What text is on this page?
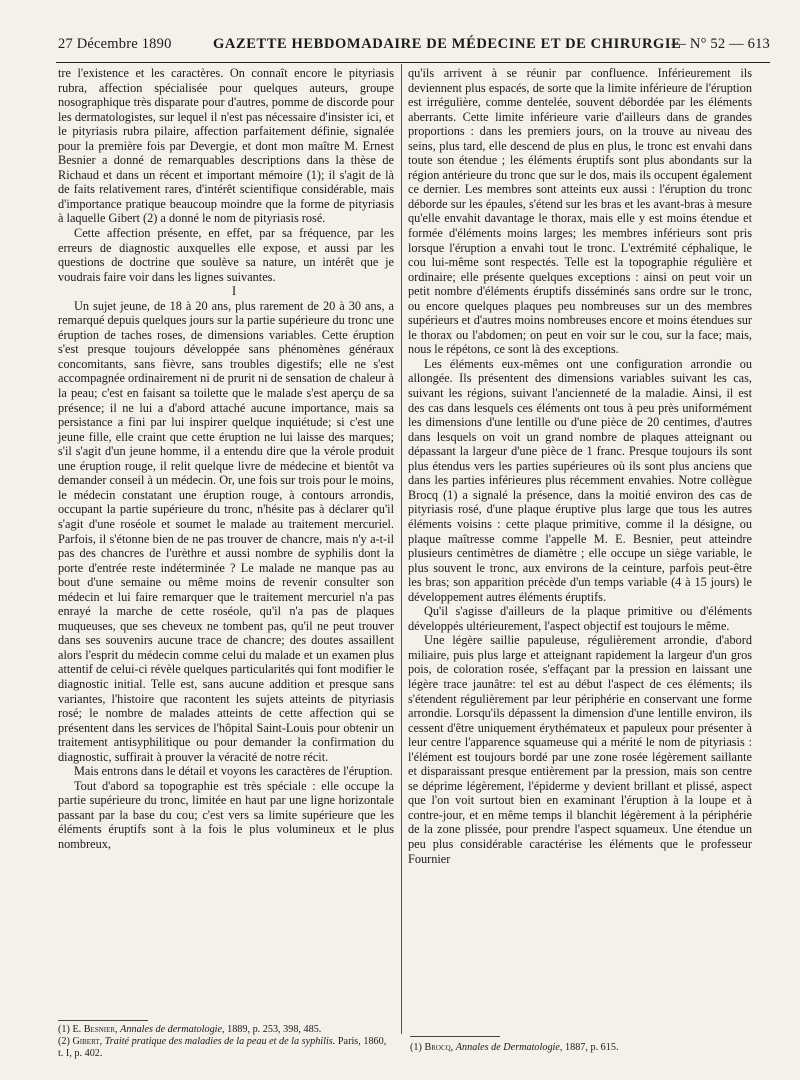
27 Décembre 1890	GAZETTE HEBDOMADAIRE DE MÉDECINE ET DE CHIRURGIE
— N° 52 — 613

tre l'existence et les caractères. On connaît encore le pityriasis rubra, affection spécialisée pour quelques auteurs, groupe nosographique très disparate pour d'autres, pomme de discorde pour les dermatologistes, sur lequel il n'est pas nécessaire d'insister ici, et le pityriasis rubra pilaire, affection parfaitement définie, signalée pour la première fois par Devergie, et dont mon maître M. Ernest Besnier a donné de remarquables descriptions dans la thèse de Richaud et dans un récent et important mémoire (1); il s'agit de là de faits relativement rares, d'intérêt scientifique considérable, mais d'importance pratique beaucoup moindre que la forme de pityriasis à laquelle Gibert (2) a donné le nom de pityriasis rosé.

Cette affection présente, en effet, par sa fréquence, par les erreurs de diagnostic auxquelles elle expose, et aussi par les questions de doctrine que soulève sa nature, un intérêt que je voudrais faire voir dans les lignes suivantes.

I

Un sujet jeune, de 18 à 20 ans, plus rarement de 20 à 30 ans, a remarqué depuis quelques jours sur la partie supérieure du tronc une éruption de taches roses, de dimensions variables. Cette éruption s'est presque toujours développée sans phénomènes généraux concomitants, sans fièvre, sans troubles digestifs; elle ne s'est accompagnée ordinairement ni de prurit ni de sensation de chaleur à la peau; c'est en faisant sa toilette que le malade s'est aperçu de sa présence; il ne lui a d'abord attaché aucune importance, mais sa persistance a fini par lui inspirer quelque inquiétude; si c'est une jeune fille, elle craint que cette éruption ne lui laisse des marques; s'il s'agit d'un jeune homme, il a entendu dire que la vérole produit une éruption rouge, il relit quelque livre de médecine et bientôt va demander conseil à un médecin. Or, une fois sur trois pour le moins, le médecin constatant une éruption rouge, à contours arrondis, occupant la partie supérieure du tronc, n'hésite pas à déclarer qu'il s'agit d'une roséole et soumet le malade au traitement mercuriel. Parfois, il s'étonne bien de ne pas trouver de chancre, mais n'y a-t-il pas des chancres de l'urèthre et aussi nombre de syphilis dont la porte d'entrée reste indéterminée ? Le malade ne manque pas au bout d'une semaine ou même moins de revenir consulter son médecin et lui faire remarquer que le traitement mercuriel n'a pas enrayé la marche de cette roséole, qu'il n'a pas de plaques muqueuses, que ses cheveux ne tombent pas, qu'il ne peut trouver dans ses souvenirs aucune trace de chancre; des doutes assaillent alors l'esprit du médecin comme celui du malade et un examen plus attentif de celui-ci révèle quelques particularités qui font modifier le diagnostic initial. Telle est, sans aucune addition et presque sans variantes, l'histoire que racontent les sujets atteints de pityriasis rosé; le nombre de malades atteints de cette affection qui se présentent dans les services de l'hôpital Saint-Louis pour obtenir un traitement antisyphilitique ou pour demander la confirmation du diagnostic, suffirait à prouver la véracité de notre récit.

Mais entrons dans le détail et voyons les caractères de l'éruption.

Tout d'abord sa topographie est très spéciale : elle occupe la partie supérieure du tronc, limitée en haut par une ligne horizontale passant par la base du cou; c'est vers sa limite supérieure que les éléments éruptifs sont à la fois le plus volumineux et le plus nombreux,

(1) E. Besnier, Annales de dermatologie, 1889, p. 253, 398, 485.

(2) Gibert, Traité pratique des maladies de la peau et de la syphilis. Paris, 1860, t. I, p. 402.

qu'ils arrivent à se réunir par confluence. Inférieurement ils deviennent plus espacés, de sorte que la limite inférieure de l'éruption est irrégulière, comme dentelée, souvent débordée par les éléments aberrants. Cette limite inférieure varie d'ailleurs dans de grandes proportions : dans les premiers jours, on la trouve au niveau des seins, plus tard, elle descend de plus en plus, le tronc est envahi dans toute son étendue ; les éléments éruptifs sont plus abondants sur la région antérieure du tronc que sur le dos, mais ils occupent également ce dernier. Les membres sont atteints eux aussi : l'éruption du tronc déborde sur les épaules, s'étend sur les bras et les avant-bras à mesure qu'elle envahit davantage le thorax, mais elle y est moins étendue et formée d'éléments moins larges; les membres inférieurs sont pris lorsque l'éruption a envahi tout le tronc. L'extrémité céphalique, le cou lui-même sont respectés. Telle est la topographie régulière et ordinaire; elle présente quelques exceptions : ainsi on peut voir un petit nombre d'éléments éruptifs disséminés sans ordre sur le tronc, ou encore quelques plaques peu nombreuses sur un des membres supérieurs et d'autres moins nombreuses encore et moins étendues sur le thorax ou l'abdomen; on peut en voir sur le cou, sur la face; mais, nous le répétons, ce sont là des exceptions.

Les éléments eux-mêmes ont une configuration arrondie ou allongée. Ils présentent des dimensions variables suivant les cas, suivant les régions, suivant l'ancienneté de la maladie. Ainsi, il est des cas dans lesquels ces éléments ont tous à peu près uniformément les dimensions d'une lentille ou d'une pièce de 20 centimes, d'autres dans lesquels on voit un grand nombre de plaques atteignant ou dépassant la largeur d'une pièce de 1 franc. Presque toujours ils sont plus étendus vers les parties supérieures où ils sont plus anciens que dans les parties inférieures plus récemment envahies. Notre collègue Brocq (1) a signalé la présence, dans la moitié environ des cas de pityriasis rosé, d'une plaque éruptive plus large que tous les autres éléments voisins : cette plaque primitive, comme il la désigne, ou plaque maîtresse comme l'appelle M. E. Besnier, peut atteindre plusieurs centimètres de diamètre ; elle occupe un siège variable, le plus souvent le tronc, aux environs de la ceinture, parfois peut-être les bras; son apparition précède d'un temps variable (4 à 15 jours) le développement autres éléments éruptifs.

Qu'il s'agisse d'ailleurs de la plaque primitive ou d'éléments développés ultérieurement, l'aspect objectif est toujours le même.

Une légère saillie papuleuse, régulièrement arrondie, d'abord miliaire, puis plus large et atteignant rapidement la largeur d'un gros pois, de coloration rosée, s'effaçant par la pression en laissant une légère trace jaunâtre: tel est au début l'aspect de ces éléments; ils s'étendent régulièrement par leur périphérie en conservant une forme arrondie. Lorsqu'ils dépassent la dimension d'une lentille environ, ils cessent d'être uniquement érythémateux et papuleux pour présenter à leur centre l'apparence squameuse qui a mérité le nom de pityriasis : l'élément est toujours bordé par une zone rosée légèrement saillante et disparaissant presque entièrement par la pression, mais son centre se déprime légèrement, l'épiderme y devient brillant et plissé, aspect que l'on voit surtout bien en examinant l'éruption à la loupe et à contre-jour, et en même temps il blanchit légèrement à la périphérie de la zone plissée, pour prendre l'aspect squameux. Une étendue un peu plus considérable caractérise les éléments que le professeur Fournier

(1) Brocq, Annales de Dermatologie, 1887, p. 615.
